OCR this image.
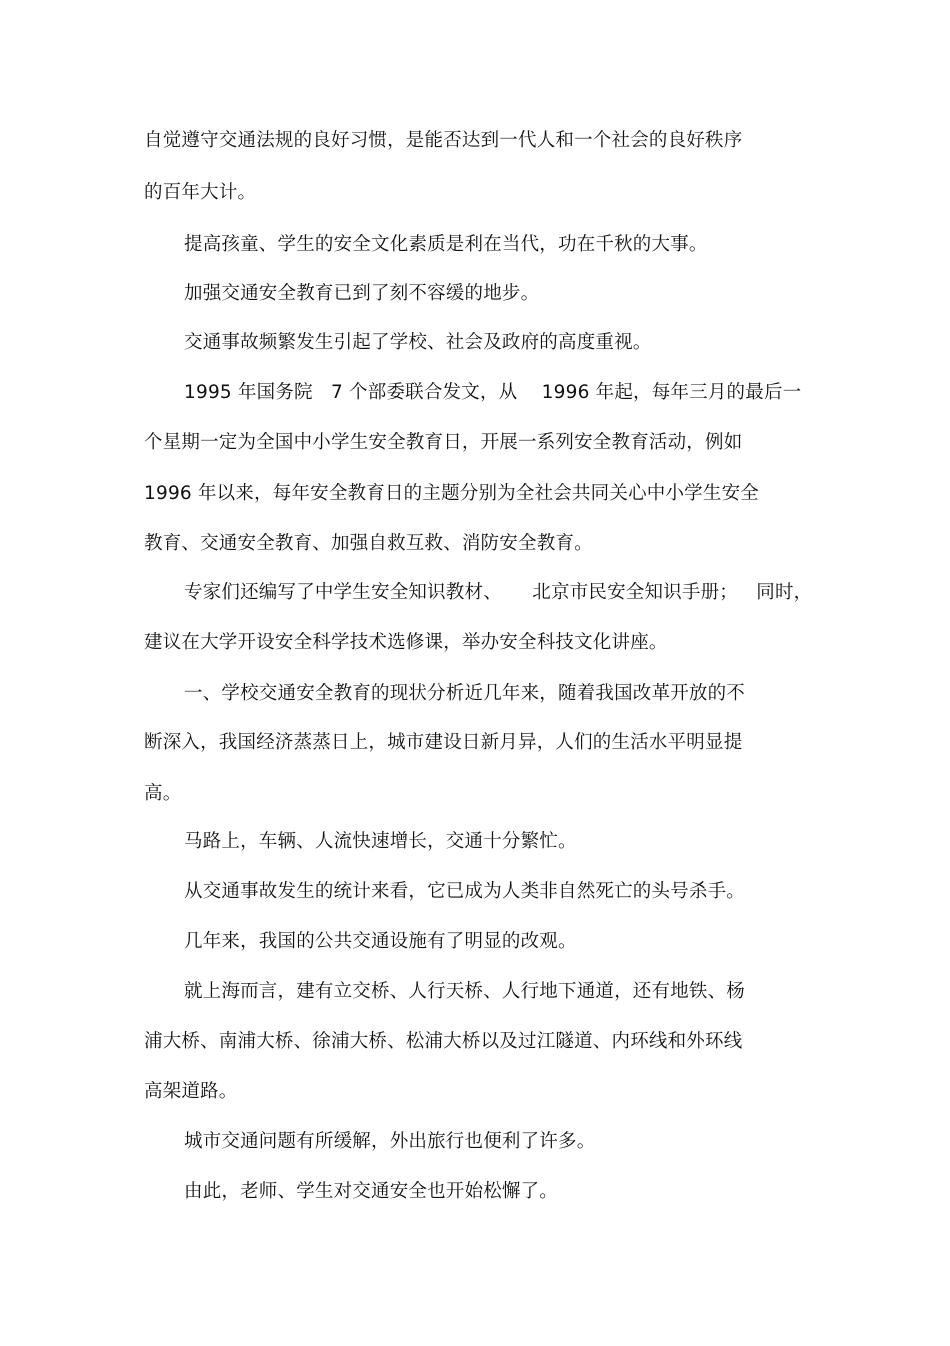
自觉遵守交通法规的良好习惯，是能否达到一代人和一个社会的良好秩序
的百年大计。
提高孩童、学生的安全文化素质是利在当代，功在千秋的大事。
加强交通安全教育已到了刻不容缓的地步。
交通事故频繁发生引起了学校、社会及政府的高度重视。
1995 年国务院   7 个部委联合发文，从    1996 年起，每年三月的最后一
个星期一定为全国中小学生安全教育日，开展一系列安全教育活动，例如
1996 年以来，每年安全教育日的主题分别为全社会共同关心中小学生安全
教育、交通安全教育、加强自救互救、消防安全教育。
专家们还编写了中学生安全知识教材、     北京市民安全知识手册；   同时，
建议在大学开设安全科学技术选修课，举办安全科技文化讲座。
一、学校交通安全教育的现状分析近几年来，随着我国改革开放的不
断深入，我国经济蒸蒸日上，城市建设日新月异，人们的生活水平明显提
高。
马路上，车辆、人流快速增长，交通十分繁忙。
从交通事故发生的统计来看，它已成为人类非自然死亡的头号杀手。
几年来，我国的公共交通设施有了明显的改观。
就上海而言，建有立交桥、人行天桥、人行地下通道，还有地铁、杨
浦大桥、南浦大桥、徐浦大桥、松浦大桥以及过江隧道、内环线和外环线
高架道路。
城市交通问题有所缓解，外出旅行也便利了许多。
由此，老师、学生对交通安全也开始松懈了。
